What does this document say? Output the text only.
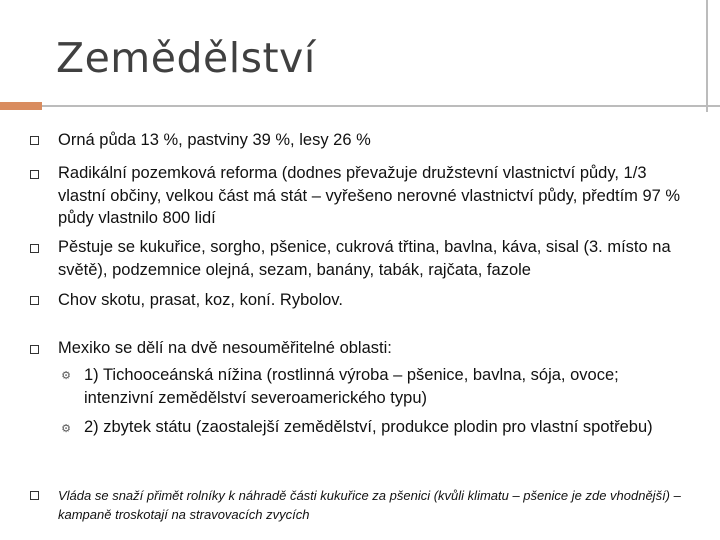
Zemědělství
Orná půda 13 %, pastviny 39 %, lesy 26 %
Radikální pozemková reforma (dodnes převažuje družstevní vlastnictví půdy, 1/3 vlastní občiny, velkou část má stát – vyřešeno nerovné vlastnictví půdy, předtím 97 % půdy vlastnilo 800 lidí
Pěstuje se kukuřice, sorgho, pšenice, cukrová třtina, bavlna, káva, sisal (3. místo na světě), podzemnice olejná, sezam, banány, tabák, rajčata, fazole
Chov skotu, prasat, koz, koní. Rybolov.
Mexiko se dělí na dvě nesouměřitelné oblasti:
⚙ 1) Tichooceánská nížina (rostlinná výroba – pšenice, bavlna, sója, ovoce; intenzivní zemědělství severoamerického typu)
⚙ 2) zbytek státu (zaostalejší zemědělství, produkce plodin pro vlastní spotřebu)
Vláda se snaží přimět rolníky k náhradě části kukuřice za pšenici (kvůli klimatu – pšenice je zde vhodnější) – kampaně troskotají na stravovacích zvycích
